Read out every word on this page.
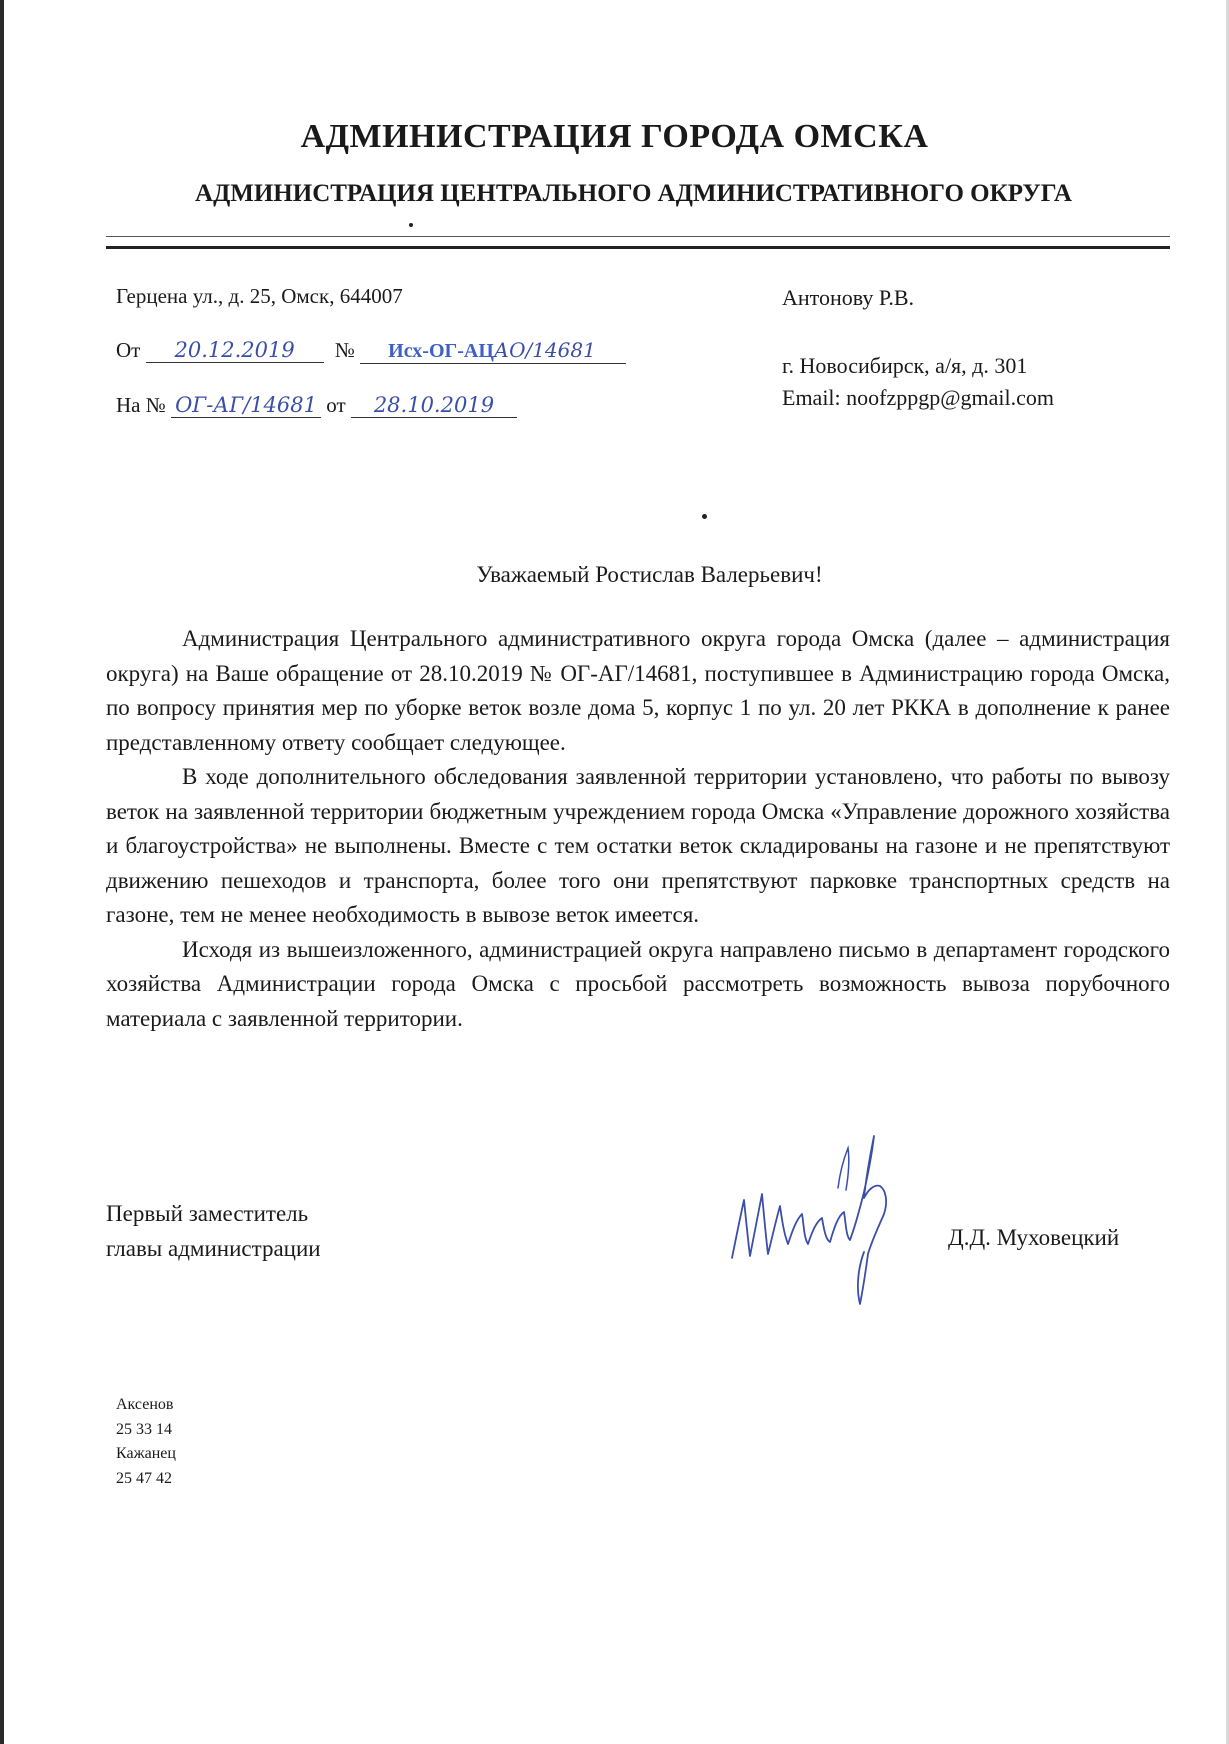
АДМИНИСТРАЦИЯ ГОРОДА ОМСКА
АДМИНИСТРАЦИЯ ЦЕНТРАЛЬНОГО АДМИНИСТРАТИВНОГО ОКРУГА
Герцена ул., д. 25, Омск, 644007
От 20.12.2019 № Исх-ОГ-АЦАО/14681
На № ОГ-АГ/14681 от 28.10.2019
Антонову Р.В.
г. Новосибирск, а/я, д. 301
Email: noofzppgp@gmail.com
Уважаемый Ростислав Валерьевич!

Администрация Центрального административного округа города Омска (далее – администрация округа) на Ваше обращение от 28.10.2019 № ОГ-АГ/14681, поступившее в Администрацию города Омска, по вопросу принятия мер по уборке веток возле дома 5, корпус 1 по ул. 20 лет РККА в дополнение к ранее представленному ответу сообщает следующее.

В ходе дополнительного обследования заявленной территории установлено, что работы по вывозу веток на заявленной территории бюджетным учреждением города Омска «Управление дорожного хозяйства и благоустройства» не выполнены. Вместе с тем остатки веток складированы на газоне и не препятствуют движению пешеходов и транспорта, более того они препятствуют парковке транспортных средств на газоне, тем не менее необходимость в вывозе веток имеется.

Исходя из вышеизложенного, администрацией округа направлено письмо в департамент городского хозяйства Администрации города Омска с просьбой рассмотреть возможность вывоза порубочного материала с заявленной территории.

Первый заместитель
главы администрации	Д.Д. Муховецкий
Аксенов
25 33 14
Кажанец
25 47 42
